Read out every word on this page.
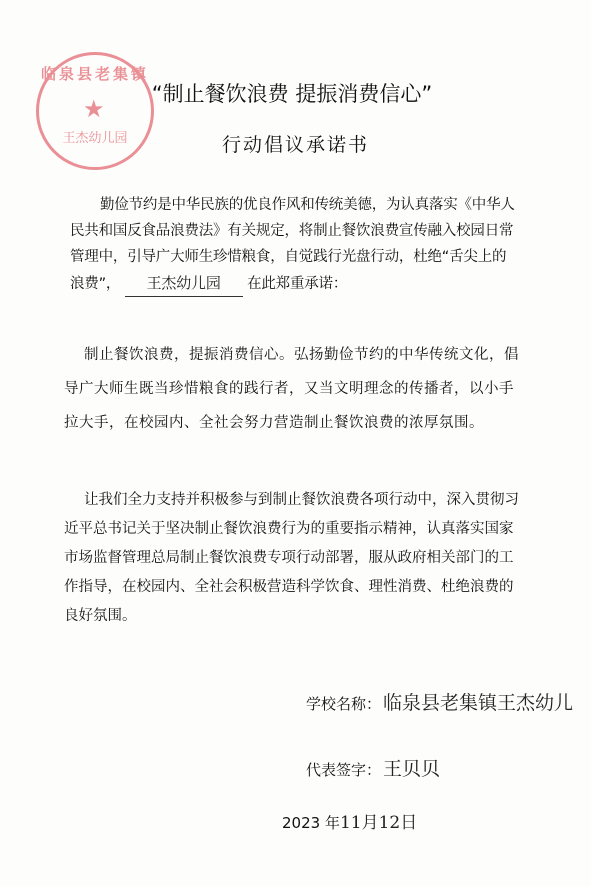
临泉县老集镇
★
王杰幼儿园
“制止餐饮浪费 提振消费信心”
行动倡议承诺书
勤俭节约是中华民族的优良作风和传统美德，为认真落实《中华人民共和国反食品浪费法》有关规定，将制止餐饮浪费宣传融入校园日常管理中，引导广大师生珍惜粮食，自觉践行光盘行动，杜绝“舌尖上的浪费”， 王杰幼儿园 在此郑重承诺：
制止餐饮浪费，提振消费信心。弘扬勤俭节约的中华传统文化，倡导广大师生既当珍惜粮食的践行者，又当文明理念的传播者，以小手拉大手，在校园内、全社会努力营造制止餐饮浪费的浓厚氛围。
让我们全力支持并积极参与到制止餐饮浪费各项行动中，深入贯彻习近平总书记关于坚决制止餐饮浪费行为的重要指示精神，认真落实国家市场监督管理总局制止餐饮浪费专项行动部署，服从政府相关部门的工作指导，在校园内、全社会积极营造科学饮食、理性消费、杜绝浪费的良好氛围。
学校名称： 临泉县老集镇王杰幼儿
代表签字： 王贝贝
2023 年11月12日
